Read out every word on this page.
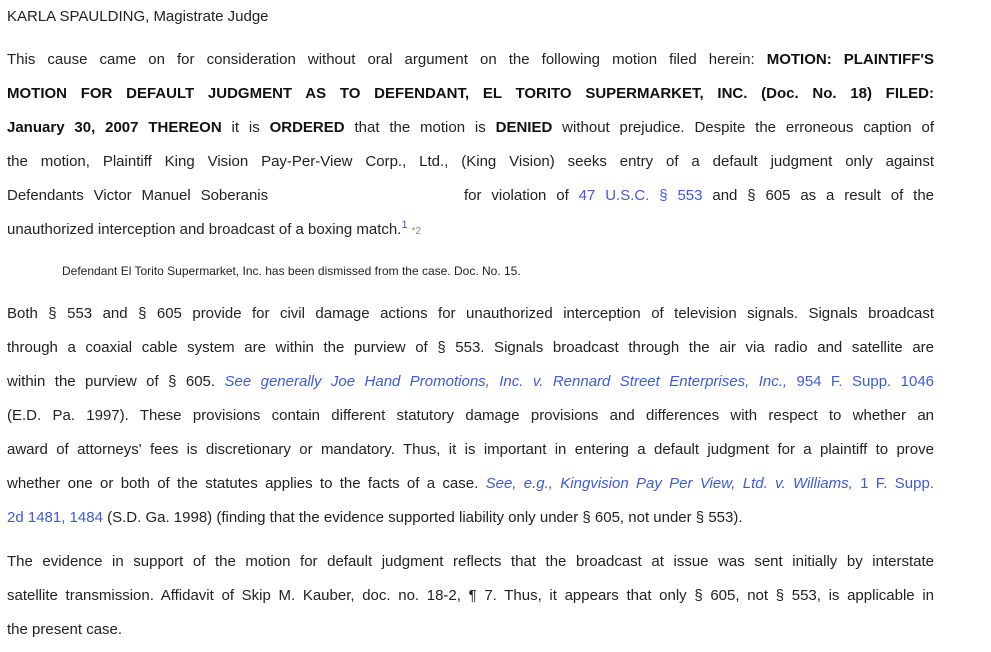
KARLA SPAULDING, Magistrate Judge
This cause came on for consideration without oral argument on the following motion filed herein: MOTION: PLAINTIFF'S
MOTION FOR DEFAULT JUDGMENT AS TO DEFENDANT, EL TORITO SUPERMARKET, INC. (Doc. No. 18) FILED:
January 30, 2007 THEREON it is ORDERED that the motion is DENIED without prejudice. Despite the erroneous caption of
the motion, Plaintiff King Vision Pay-Per-View Corp., Ltd., (King Vision) seeks entry of a default judgment only against
Defendants Victor Manuel Soberanis	for violation of 47 U.S.C. § 553 and § 605 as a result of the
unauthorized interception and broadcast of a boxing match.$^1$*2
Defendant El Torito Supermarket, Inc. has been dismissed from the case. Doc. No. 15.
Both § 553 and § 605 provide for civil damage actions for unauthorized interception of television signals. Signals broadcast
through a coaxial cable system are within the purview of § 553. Signals broadcast through the air via radio and satellite are
within the purview of § 605. See generally Joe Hand Promotions, Inc. v. Rennard Street Enterprises, Inc., 954 F. Supp. 1046
(E.D. Pa. 1997). These provisions contain different statutory damage provisions and differences with respect to whether an
award of attorneys' fees is discretionary or mandatory. Thus, it is important in entering a default judgment for a plaintiff to prove
whether one or both of the statutes applies to the facts of a case. See, e.g., Kingvision Pay Per View, Ltd. v. Williams, 1 F. Supp.
2d 1481, 1484 (S.D. Ga. 1998) (finding that the evidence supported liability only under § 605, not under § 553).
The evidence in support of the motion for default judgment reflects that the broadcast at issue was sent initially by interstate
satellite transmission. Affidavit of Skip M. Kauber, doc. no. 18-2, ¶ 7. Thus, it appears that only § 605, not § 553, is applicable in
the present case.
